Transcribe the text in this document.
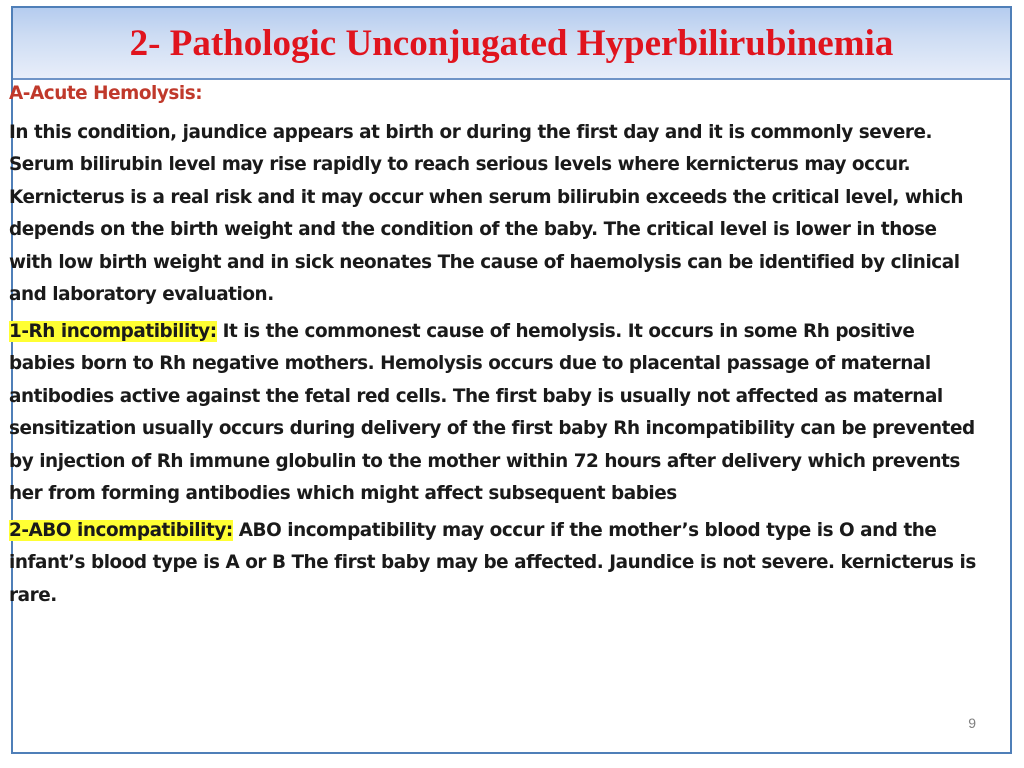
2- Pathologic Unconjugated Hyperbilirubinemia

A-Acute Hemolysis:

In this condition, jaundice appears at birth or during the first day and it is commonly severe. Serum bilirubin level may rise rapidly to reach serious levels where kernicterus may occur. Kernicterus is a real risk and it may occur when serum bilirubin exceeds the critical level, which depends on the birth weight and the condition of the baby. The critical level is lower in those with low birth weight and in sick neonates The cause of haemolysis can be identified by clinical and laboratory evaluation.

1-Rh incompatibility: It is the commonest cause of hemolysis. It occurs in some Rh positive babies born to Rh negative mothers. Hemolysis occurs due to placental passage of maternal antibodies active against the fetal red cells. The first baby is usually not affected as maternal sensitization usually occurs during delivery of the first baby Rh incompatibility can be prevented by injection of Rh immune globulin to the mother within 72 hours after delivery which prevents her from forming antibodies which might affect subsequent babies

2-ABO incompatibility: ABO incompatibility may occur if the mother’s blood type is O and the infant’s blood type is A or B The first baby may be affected. Jaundice is not severe. kernicterus is rare.

9
